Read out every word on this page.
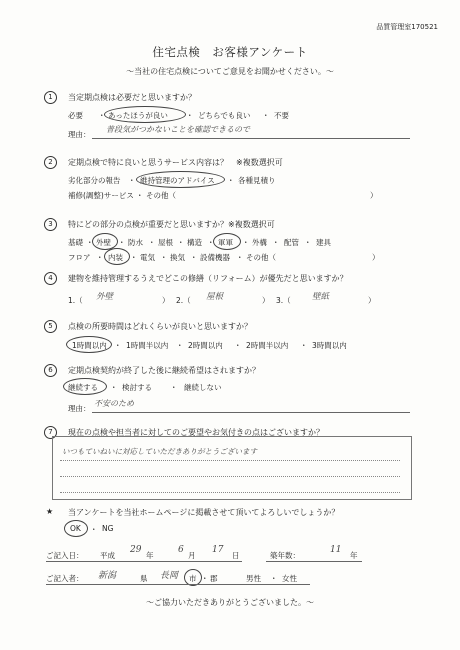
品質管理室170521
住宅点検　お客様アンケート
～当社の住宅点検についてご意見をお聞かせください。～
1	当定期点検は必要だと思いますか？
必要 ・ あったほうが良い ・ どちらでも良い ・ 不要
理由：
普段気がつかないことを確認できるので
2	定期点検で特に良いと思うサービス内容は？　※複数選択可
劣化部分の報告 ・ 維持管理のアドバイス ・ 各種見積り
補修(調整)サービス ・ その他（	）
3	特にどの部分の点検が重要だと思いますか？※複数選択可
基礎 ・ 外壁 ・ 防水 ・ 屋根 ・ 構造 ・ 軍軍 ・ 外構 ・ 配管 ・ 建具
フロア ・ 内装 ・ 電気 ・ 換気 ・ 設備機器 ・ その他（	）
4	建物を維持管理するうえでどこの修繕（リフォーム）が優先だと思いますか？
1.（ 外壁	） 2.（ 屋根	） 3.（	壁紙	）
5	点検の所要時間はどれくらいが良いと思いますか？
1時間以内 ・ 1時間半以内 ・ 2時間以内 ・ 2時間半以内 ・ 3時間以内
6	定期点検契約が終了した後に継続希望はされますか？
継続する ・ 検討する ・ 継続しない
理由：
不安のため
7	現在の点検や担当者に対してのご要望やお気付きの点はございますか？
いつもていねいに対応していただきありがとうございます
★ 当アンケートを当社ホームページに掲載させて頂いてよろしいでしょうか？
OK ・ NG
ご記入日： 平成
29
年
6
月
17
日	築年数：
11
年
ご記入者： 新潟	県 長岡 市 ・ 郡	男性 ・ 女性
～ご協力いただきありがとうございました。～
